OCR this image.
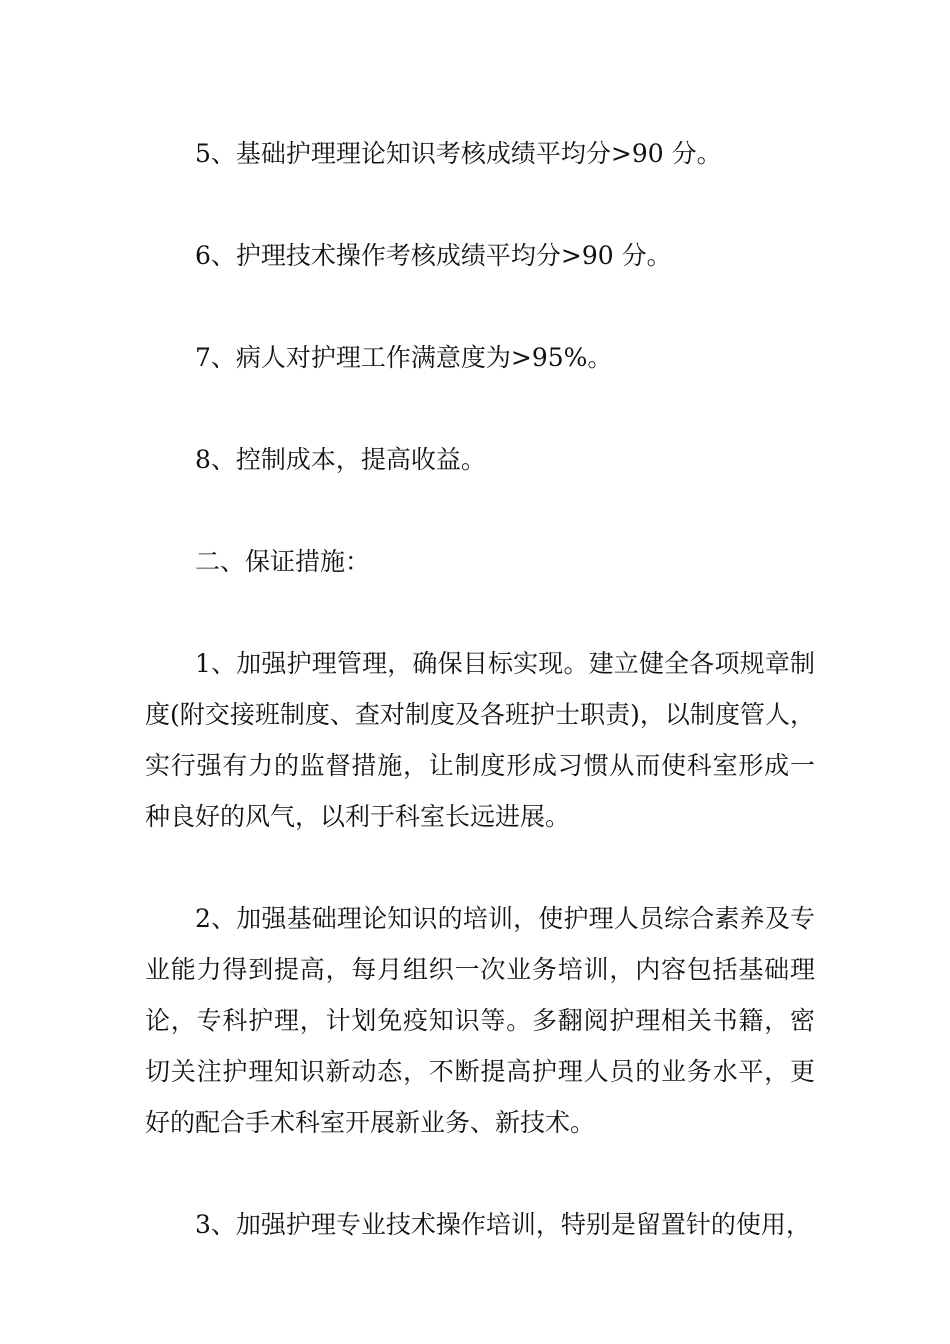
5、基础护理理论知识考核成绩平均分>90 分。

6、护理技术操作考核成绩平均分>90 分。

7、病人对护理工作满意度为>95%。

8、控制成本，提高收益。

二、保证措施：

1、加强护理管理，确保目标实现。建立健全各项规章制度(附交接班制度、查对制度及各班护士职责)，以制度管人，实行强有力的监督措施，让制度形成习惯从而使科室形成一种良好的风气，以利于科室长远进展。

2、加强基础理论知识的培训，使护理人员综合素养及专业能力得到提高，每月组织一次业务培训，内容包括基础理论，专科护理，计划免疫知识等。多翻阅护理相关书籍，密切关注护理知识新动态，不断提高护理人员的业务水平，更好的配合手术科室开展新业务、新技术。

3、加强护理专业技术操作培训，特别是留置针的使用，
